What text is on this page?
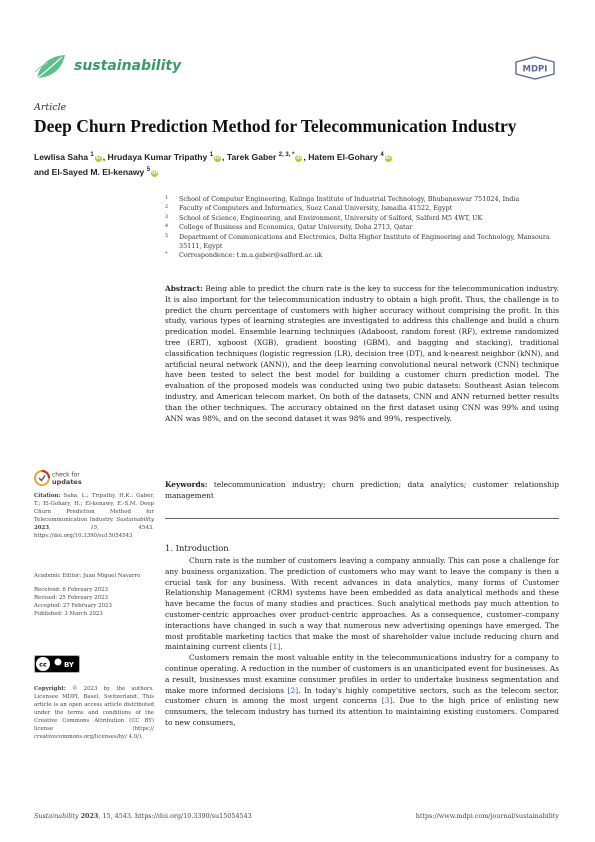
sustainability	MDPI
Article
Deep Churn Prediction Method for Telecommunication Industry
Lewlisa Saha $^1$ iD , Hrudaya Kumar Tripathy $^1$ iD , Tarek Gaber $^{2, 3, *}$ iD , Hatem El-Gohary $^4$ iD
and El-Sayed M. El-kenawy $^5$ iD
1 School of Computer Engineering, Kalinga Institute of Industrial Technology, Bhubaneswar 751024, India
2 Faculty of Computers and Informatics, Suez Canal University, Ismailia 41522, Egypt
3 School of Science, Engineering, and Environment, University of Salford, Salford M5 4WT, UK
4 College of Business and Economics, Qatar University, Doha 2713, Qatar
5 Department of Communications and Electronics, Delta Higher Institute of Engineering and Technology, Mansoura 35111, Egypt
* Correspondence: t.m.a.gaber@salford.ac.uk
Abstract: Being able to predict the churn rate is the key to success for the telecommunication industry. It is also important for the telecommunication industry to obtain a high profit. Thus, the challenge is to predict the churn percentage of customers with higher accuracy without comprising the profit. In this study, various types of learning strategies are investigated to address this challenge and build a churn predication model. Ensemble learning techniques (Adaboost, random forest (RF), extreme randomized tree (ERT), xgboost (XGB), gradient boosting (GBM), and bagging and stacking), traditional classification techniques (logistic regression (LR), decision tree (DT), and k-nearest neighbor (kNN), and artificial neural network (ANN)), and the deep learning convolutional neural network (CNN) technique have been tested to select the best model for building a customer churn prediction model. The evaluation of the proposed models was conducted using two pubic datasets: Southeast Asian telecom industry, and American telecom market. On both of the datasets, CNN and ANN returned better results than the other techniques. The accuracy obtained on the first dataset using CNN was 99% and using ANN was 98%, and on the second dataset it was 98% and 99%, respectively.
Keywords: telecommunication industry; churn prediction; data analytics; customer relationship management
check for
updates
Citation: Saha, L.; Tripathy, H.K.; Gaber, T.; El-Gohary, H.; El-kenawy, E.-S.M. Deep Churn Prediction Method for Telecommunication Industry. Sustainability 2023, 15, 4543. https://doi.org/10.3390/su15054543
Academic Editor: Juan Miguel Navarro
Received: 6 February 2023
Revised: 25 February 2023
Accepted: 27 February 2023
Published: 3 March 2023
cc BY
Copyright: © 2023 by the authors. Licensee MDPI, Basel, Switzerland. This article is an open access article distributed under the terms and conditions of the Creative Commons Attribution (CC BY) license (https:// creativecommons.org/licenses/by/ 4.0/).
1. Introduction

Churn rate is the number of customers leaving a company annually. This can pose a challenge for any business organization. The prediction of customers who may want to leave the company is then a crucial task for any business. With recent advances in data analytics, many forms of Customer Relationship Management (CRM) systems have been embedded as data analytical methods and these have became the focus of many studies and practices. Such analytical methods pay much attention to customer-centric approaches over product-centric approaches. As a consequence, customer–company interactions have changed in such a way that numerous new advertising openings have emerged. The most profitable marketing tactics that make the most of shareholder value include reducing churn and maintaining current clients [1].

Customers remain the most valuable entity in the telecommunications industry for a company to continue operating. A reduction in the number of customers is an unanticipated event for businesses. As a result, businesses must examine consumer profiles in order to undertake business segmentation and make more informed decisions [2]. In today's highly competitive sectors, such as the telecom sector, customer churn is among the most urgent concerns [3]. Due to the high price of enlisting new consumers, the telecom industry has turned its attention to maintaining existing customers. Compared to new consumers,

Sustainability 2023, 15, 4543. https://doi.org/10.3390/su15054543	https://www.mdpi.com/journal/sustainability
